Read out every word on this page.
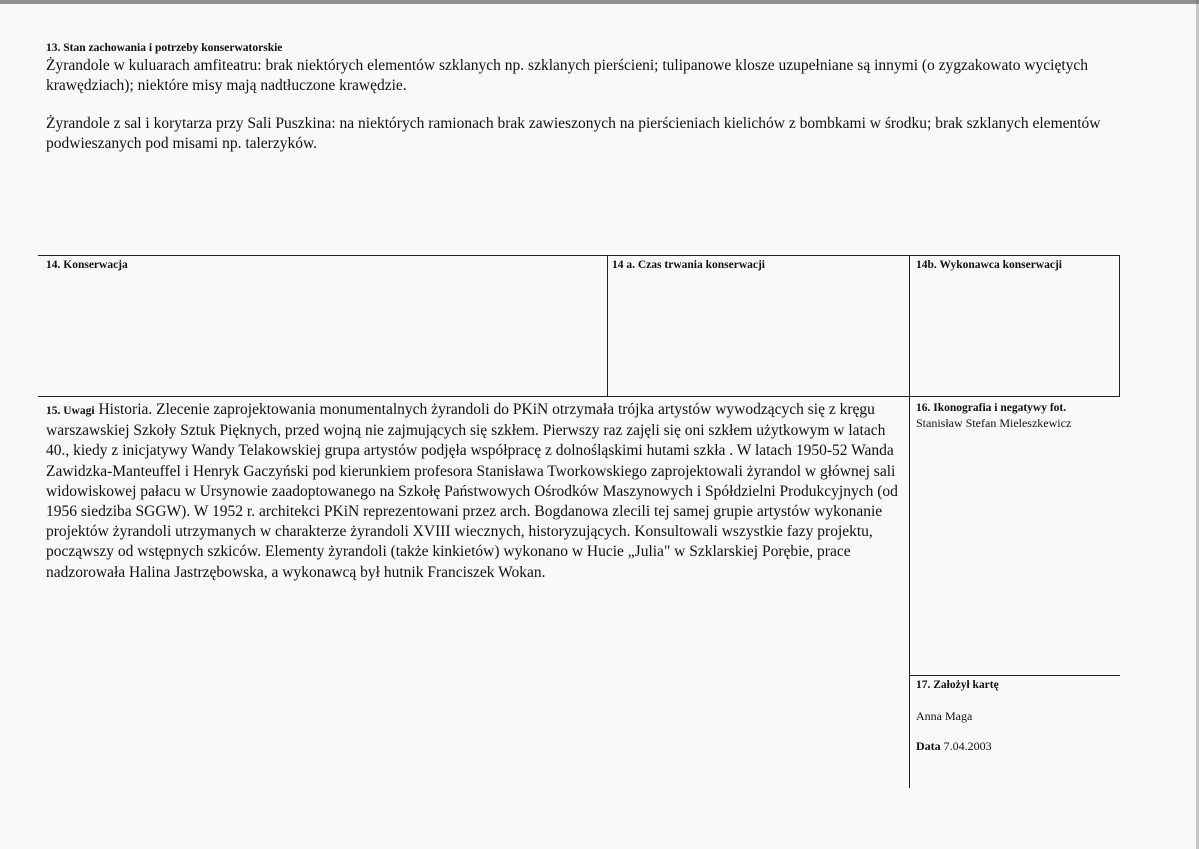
13. Stan zachowania i potrzeby konserwatorskie

Żyrandole w kuluarach amfiteatru: brak niektórych elementów szklanych np. szklanych pierścieni; tulipanowe klosze uzupełniane są innymi (o zygzakowato wyciętych krawędziach); niektóre misy mają nadtłuczone krawędzie.

Żyrandole z sal i korytarza przy Sali Puszkina: na niektórych ramionach brak zawieszonych na pierścieniach kielichów z bombkami w środku; brak szklanych elementów podwieszanych pod misami np. talerzyków.

14. Konserwacja	14 a. Czas trwania konserwacji	14b. Wykonawca konserwacji
15. Uwagi Historia. Zlecenie zaprojektowania monumentalnych żyrandoli do PKiN otrzymała trójka artystów wywodzących się z kręgu warszawskiej Szkoły Sztuk Pięknych, przed wojną nie zajmujących się szkłem. Pierwszy raz zajęli się oni szkłem użytkowym w latach 40., kiedy z inicjatywy Wandy Telakowskiej grupa artystów podjęła współpracę z dolnośląskimi hutami szkła . W latach 1950-52 Wanda Zawidzka-Manteuffel i Henryk Gaczyński pod kierunkiem profesora Stanisława Tworkowskiego zaprojektowali żyrandol w głównej sali widowiskowej pałacu w Ursynowie zaadoptowanego na Szkołę Państwowych Ośrodków Maszynowych i Spółdzielni Produkcyjnych (od 1956 siedziba SGGW). W 1952 r. architekci PKiN reprezentowani przez arch. Bogdanowa zlecili tej samej grupie artystów wykonanie projektów żyrandoli utrzymanych w charakterze żyrandoli XVIII wiecznych, historyzujących. Konsultowali wszystkie fazy projektu, począwszy od wstępnych szkiców. Elementy żyrandoli (także kinkietów) wykonano w Hucie „Julia" w Szklarskiej Porębie, prace nadzorowała Halina Jastrzębowska, a wykonawcą był hutnik Franciszek Wokan.
16. Ikonografia i negatywy fot.
Stanisław Stefan Mieleszkewicz
17. Założył kartę
Anna Maga
Data 7.04.2003
